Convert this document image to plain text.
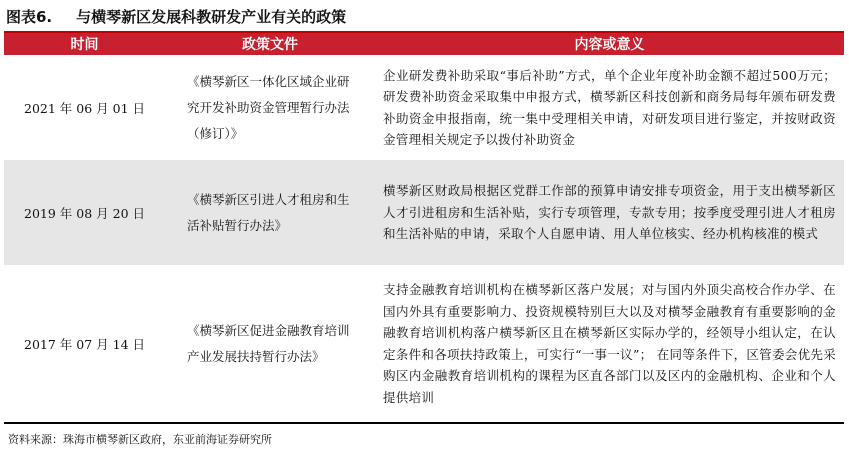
图表6. 与横琴新区发展科教研发产业有关的政策
时间	政策文件	内容或意义
2021 年 06 月 01 日	《横琴新区一体化区域企业研究开发补助资金管理暂行办法（修订）》	企业研发费补助采取“事后补助”方式，单个企业年度补助金额不超过500万元；研发费补助资金采取集中申报方式，横琴新区科技创新和商务局每年颁布研发费补助资金申报指南，统一集中受理相关申请，对研发项目进行鉴定，并按财政资金管理相关规定予以拨付补助资金
2019 年 08 月 20 日	《横琴新区引进人才租房和生活补贴暂行办法》	横琴新区财政局根据区党群工作部的预算申请安排专项资金，用于支出横琴新区人才引进租房和生活补贴，实行专项管理，专款专用；按季度受理引进人才租房和生活补贴的申请，采取个人自愿申请、用人单位核实、经办机构核准的模式
2017 年 07 月 14 日	《横琴新区促进金融教育培训产业发展扶持暂行办法》	支持金融教育培训机构在横琴新区落户发展；对与国内外顶尖高校合作办学、在国内外具有重要影响力、投资规模特别巨大以及对横琴金融教育有重要影响的金融教育培训机构落户横琴新区且在横琴新区实际办学的，经领导小组认定，在认定条件和各项扶持政策上，可实行“一事一议”； 在同等条件下，区管委会优先采购区内金融教育培训机构的课程为区直各部门以及区内的金融机构、企业和个人提供培训
资料来源：珠海市横琴新区政府，东亚前海证券研究所
